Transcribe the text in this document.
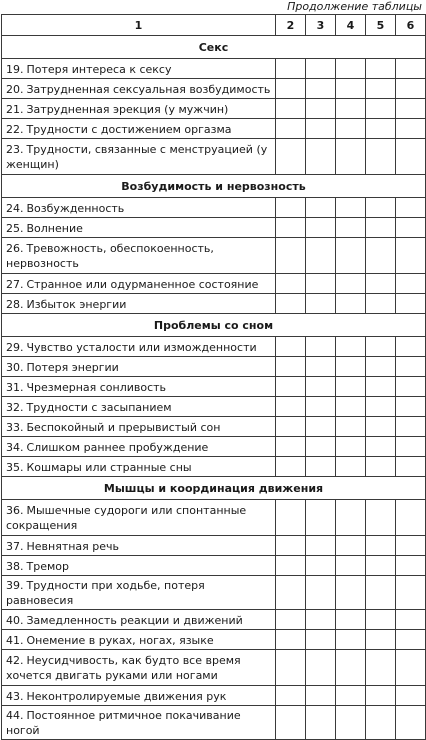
Продолжение таблицы
1	2	3	4	5	6
Секс					
19. Потеря интереса к сексу					
20. Затрудненная сексуальная возбудимость					
21. Затрудненная эрекция (у мужчин)					
22. Трудности с достижением оргазма					
23. Трудности, связанные с менструацией (у женщин)					
Возбудимость и нервозность					
24. Возбужденность					
25. Волнение					
26. Тревожность, обеспокоенность, нервозность					
27. Странное или одурманенное состояние					
28. Избыток энергии					
Проблемы со сном					
29. Чувство усталости или изможденности					
30. Потеря энергии					
31. Чрезмерная сонливость					
32. Трудности с засыпанием					
33. Беспокойный и прерывистый сон					
34. Слишком раннее пробуждение					
35. Кошмары или странные сны					
Мышцы и координация движения					
36. Мышечные судороги или спонтанные сокращения					
37. Невнятная речь					
38. Тремор					
39. Трудности при ходьбе, потеря равновесия					
40. Замедленность реакции и движений					
41. Онемение в руках, ногах, языке					
42. Неусидчивость, как будто все время хочется двигать руками или ногами					
43. Неконтролируемые движения рук					
44. Постоянное ритмичное покачивание ногой					
